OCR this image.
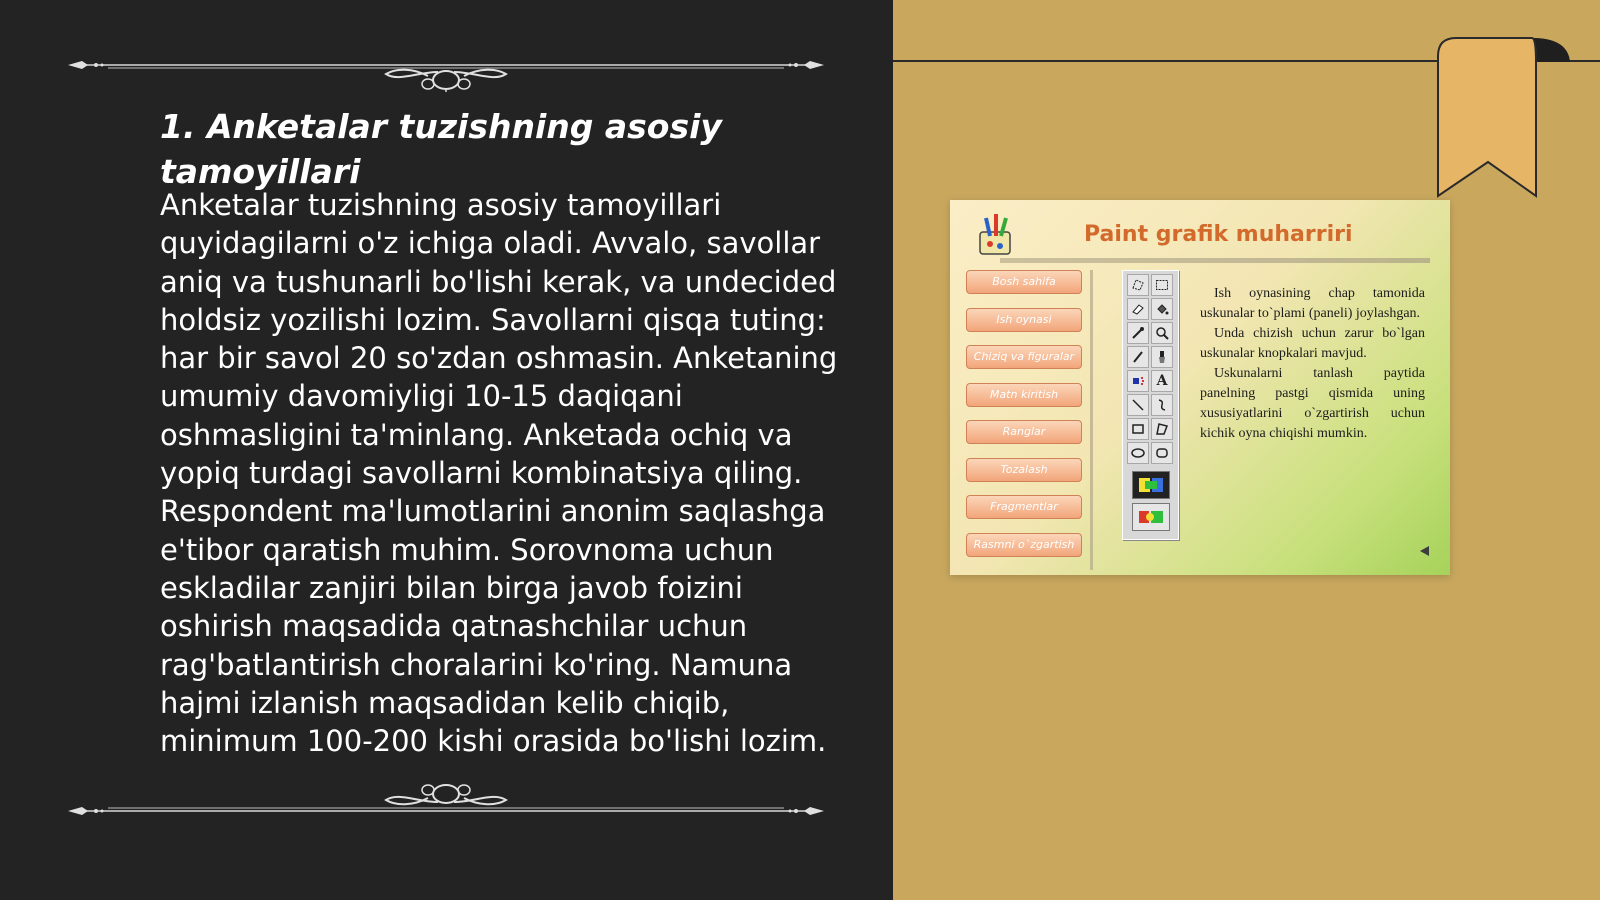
1. Anketalar tuzishning asosiy tamoyillari

Anketalar tuzishning asosiy tamoyillari quyidagilarni o'z ichiga oladi. Avvalo, savollar aniq va tushunarli bo'lishi kerak, va undecided holdsiz yozilishi lozim. Savollarni qisqa tuting: har bir savol 20 so'zdan oshmasin. Anketaning umumiy davomiyligi 10-15 daqiqani oshmasligini ta'minlang. Anketada ochiq va yopiq turdagi savollarni kombinatsiya qiling. Respondent ma'lumotlarini anonim saqlashga e'tibor qaratish muhim. Sorovnoma uchun eskladilar zanjiri bilan birga javob foizini oshirish maqsadida qatnashchilar uchun rag'batlantirish choralarini ko'ring. Namuna hajmi izlanish maqsadidan kelib chiqib, minimum 100-200 kishi orasida bo'lishi lozim.

Paint grafik muharriri
Bosh sahifa
Ish oynasi
Chiziq va figuralar
Matn kiritish
Ranglar
Tozalash
Fragmentlar
Rasmni o`zgartish
A

Ish oynasining chap tamonida uskunalar to`plami (paneli) joylashgan.

Unda chizish uchun zarur bo`lgan uskunalar knopkalari mavjud.

Uskunalarni tanlash paytida panelning pastgi qismida uning xususiyatlarini o`zgartirish uchun kichik oyna chiqishi mumkin.
